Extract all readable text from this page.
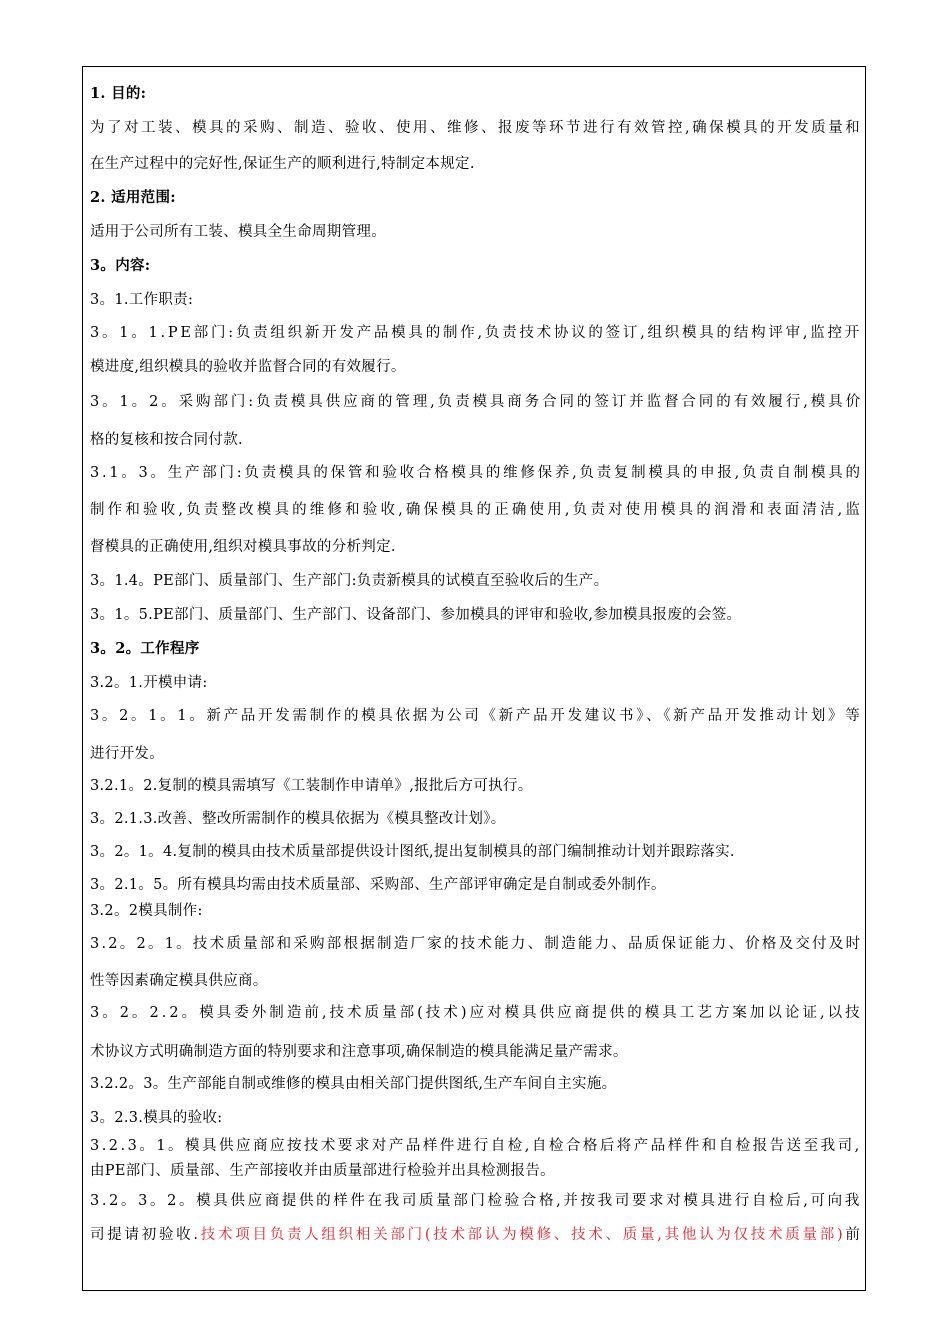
1. 目的:
为了对工装、模具的采购、制造、验收、使用、维修、报废等环节进行有效管控,确保模具的开发质量和
在生产过程中的完好性,保证生产的顺利进行,特制定本规定.
2. 适用范围:
适用于公司所有工装、模具全生命周期管理。
3。内容:
3。1.工作职责:
3。1。1.PE部门:负责组织新开发产品模具的制作,负责技术协议的签订,组织模具的结构评审,监控开
模进度,组织模具的验收并监督合同的有效履行。
3。1。2。采购部门:负责模具供应商的管理,负责模具商务合同的签订并监督合同的有效履行,模具价
格的复核和按合同付款.
3.1。3。生产部门:负责模具的保管和验收合格模具的维修保养,负责复制模具的申报,负责自制模具的
制作和验收,负责整改模具的维修和验收,确保模具的正确使用,负责对使用模具的润滑和表面清洁,监
督模具的正确使用,组织对模具事故的分析判定.
3。1.4。PE部门、质量部门、生产部门:负责新模具的试模直至验收后的生产。
3。1。5.PE部门、质量部门、生产部门、设备部门、参加模具的评审和验收,参加模具报废的会签。
3。2。工作程序
3.2。1.开模申请:
3。2。1。1。新产品开发需制作的模具依据为公司《新产品开发建议书》、《新产品开发推动计划》等
进行开发。
3.2.1。2.复制的模具需填写《工装制作申请单》,报批后方可执行。
3。2.1.3.改善、整改所需制作的模具依据为《模具整改计划》。
3。2。1。4.复制的模具由技术质量部提供设计图纸,提出复制模具的部门编制推动计划并跟踪落实.
3。2.1。5。所有模具均需由技术质量部、采购部、生产部评审确定是自制或委外制作。
3.2。2模具制作:
3.2。2。1。技术质量部和采购部根据制造厂家的技术能力、制造能力、品质保证能力、价格及交付及时
性等因素确定模具供应商。
3。2。2.2。模具委外制造前,技术质量部(技术)应对模具供应商提供的模具工艺方案加以论证,以技
术协议方式明确制造方面的特别要求和注意事项,确保制造的模具能满足量产需求。
3.2.2。3。生产部能自制或维修的模具由相关部门提供图纸,生产车间自主实施。
3。2.3.模具的验收:
3.2.3。1。模具供应商应按技术要求对产品样件进行自检,自检合格后将产品样件和自检报告送至我司,
由PE部门、质量部、生产部接收并由质量部进行检验并出具检测报告。
3.2。3。2。模具供应商提供的样件在我司质量部门检验合格,并按我司要求对模具进行自检后,可向我
司提请初验收.技术项目负责人组织相关部门(技术部认为模修、技术、质量,其他认为仅技术质量部)前
